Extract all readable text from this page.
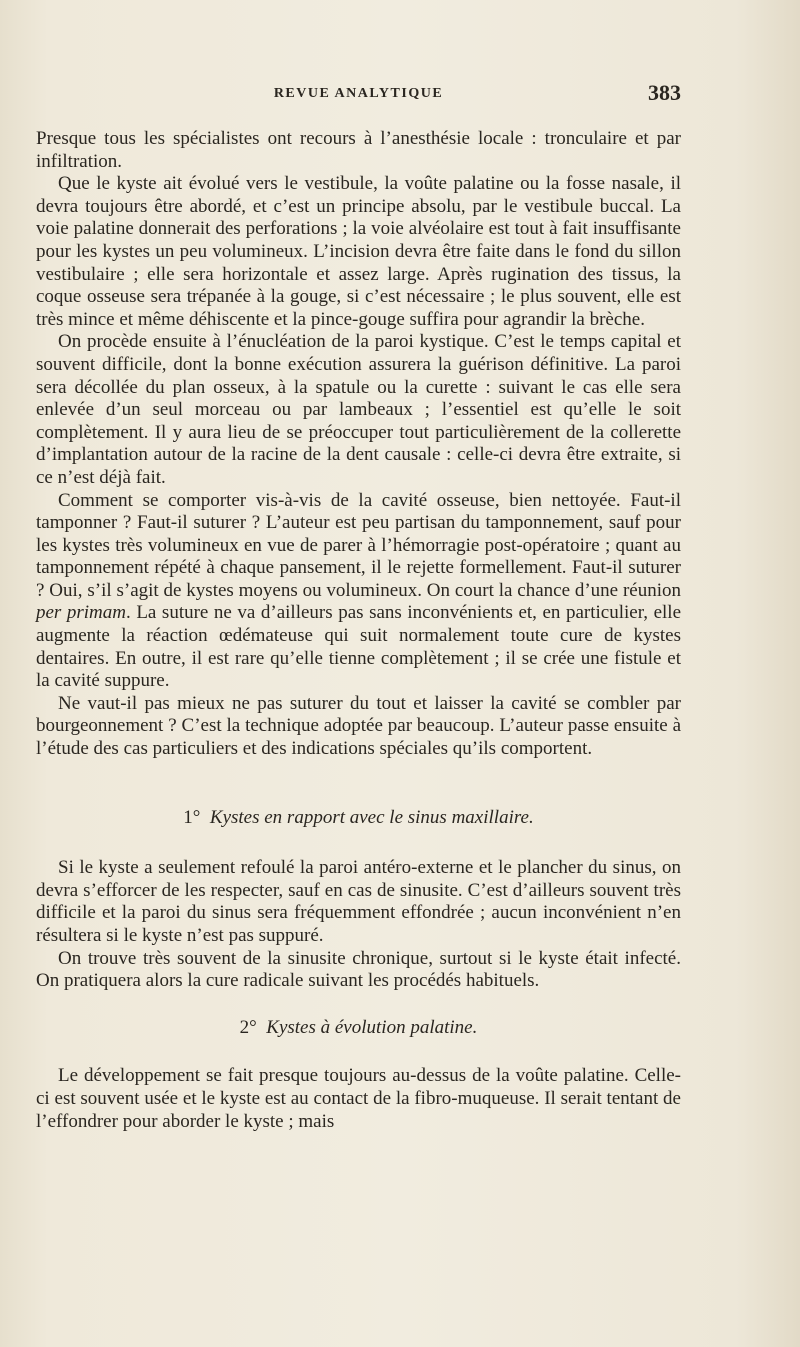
REVUE ANALYTIQUE	383

Presque tous les spécialistes ont recours à l’anesthésie locale : tronculaire et par infiltration.

Que le kyste ait évolué vers le vestibule, la voûte palatine ou la fosse nasale, il devra toujours être abordé, et c’est un principe absolu, par le vestibule buccal. La voie palatine donnerait des perforations ; la voie alvéolaire est tout à fait insuffisante pour les kystes un peu volumineux. L’incision devra être faite dans le fond du sillon vestibulaire ; elle sera horizontale et assez large. Après rugination des tissus, la coque osseuse sera trépanée à la gouge, si c’est nécessaire ; le plus souvent, elle est très mince et même déhiscente et la pince-gouge suffira pour agrandir la brèche.

On procède ensuite à l’énucléation de la paroi kystique. C’est le temps capital et souvent difficile, dont la bonne exécution assurera la guérison définitive. La paroi sera décollée du plan osseux, à la spatule ou la curette : suivant le cas elle sera enlevée d’un seul morceau ou par lambeaux ; l’essentiel est qu’elle le soit complètement. Il y aura lieu de se préoccuper tout particulièrement de la collerette d’implantation autour de la racine de la dent causale : celle-ci devra être extraite, si ce n’est déjà fait.

Comment se comporter vis-à-vis de la cavité osseuse, bien nettoyée. Faut-il tamponner ? Faut-il suturer ? L’auteur est peu partisan du tamponnement, sauf pour les kystes très volumineux en vue de parer à l’hémorragie post-opératoire ; quant au tamponnement répété à chaque pansement, il le rejette formellement. Faut-il suturer ? Oui, s’il s’agit de kystes moyens ou volumineux. On court la chance d’une réunion per primam. La suture ne va d’ailleurs pas sans inconvénients et, en particulier, elle augmente la réaction œdémateuse qui suit normalement toute cure de kystes dentaires. En outre, il est rare qu’elle tienne complètement ; il se crée une fistule et la cavité suppure.

Ne vaut-il pas mieux ne pas suturer du tout et laisser la cavité se combler par bourgeonnement ? C’est la technique adoptée par beaucoup. L’auteur passe ensuite à l’étude des cas particuliers et des indications spéciales qu’ils comportent.

1° Kystes en rapport avec le sinus maxillaire.

Si le kyste a seulement refoulé la paroi antéro-externe et le plancher du sinus, on devra s’efforcer de les respecter, sauf en cas de sinusite. C’est d’ailleurs souvent très difficile et la paroi du sinus sera fréquemment effondrée ; aucun inconvénient n’en résultera si le kyste n’est pas suppuré.

On trouve très souvent de la sinusite chronique, surtout si le kyste était infecté. On pratiquera alors la cure radicale suivant les procédés habituels.

2° Kystes à évolution palatine.

Le développement se fait presque toujours au-dessus de la voûte palatine. Celle-ci est souvent usée et le kyste est au contact de la fibro-muqueuse. Il serait tentant de l’effondrer pour aborder le kyste ; mais
